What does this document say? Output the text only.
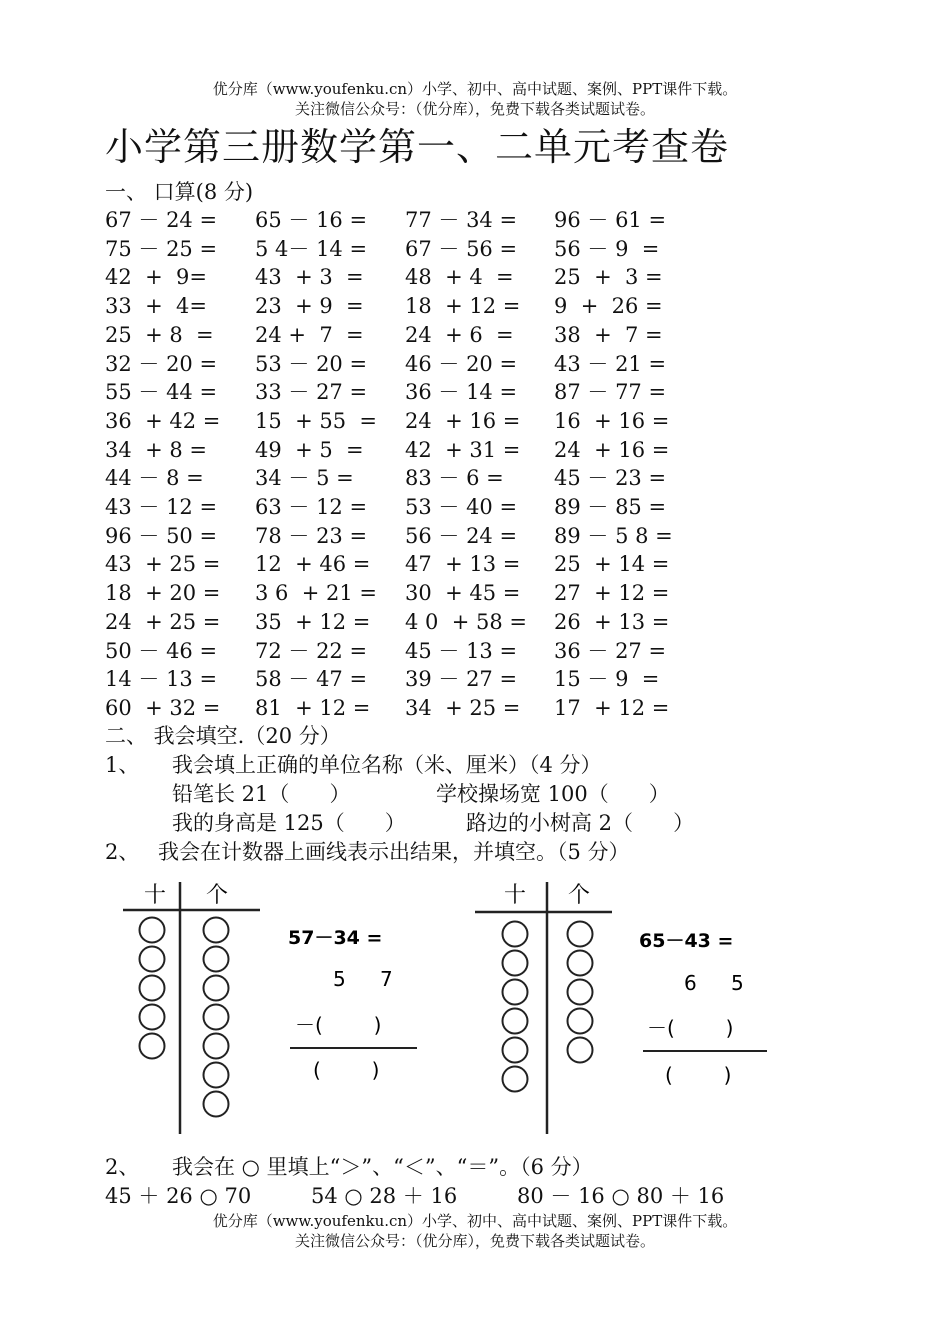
优分库（www.youfenku.cn）小学、初中、高中试题、案例、PPT课件下载。
关注微信公众号：（优分库），免费下载各类试题试卷。
小学第三册数学第一、二单元考查卷
一、 口算(8 分)
67 － 24 = 65 － 16 = 77 － 34 = 96 － 61 =
75 － 25 = 5 4－ 14 = 67 － 56 = 56 － 9  =
42  +  9= 43  + 3  = 48  + 4  = 25  +  3 =
33  +  4= 23  + 9  = 18  + 12 = 9  +  26 =
25  + 8  = 24 +  7  = 24  + 6  = 38  +  7 =
32 － 20 = 53 － 20 = 46 － 20 = 43 － 21 =
55 － 44 = 33 － 27 = 36 － 14 = 87 － 77 =
36  + 42 = 15  + 55  = 24  + 16 = 16  + 16 =
34  + 8 = 49  + 5  = 42  + 31 = 24  + 16 =
44 － 8 = 34 － 5 = 83 － 6 = 45 － 23 =
43 － 12 = 63 － 12 = 53 － 40 = 89 － 85 =
96 － 50 = 78 － 23 = 56 － 24 = 89 － 5 8 =
43  + 25 = 12  + 46 = 47  + 13 = 25  + 14 =
18  + 20 = 3 6  + 21 = 30  + 45 = 27  + 12 =
24  + 25 = 35  + 12 = 4 0  + 58 = 26  + 13 =
50 － 46 = 72 － 22 = 45 － 13 = 36 － 27 =
14 － 13 = 58 － 47 = 39 － 27 = 15 － 9  =
60  + 32 = 81  + 12 = 34  + 25 = 17  + 12 =
二、 我会填空.（20 分）
1、 我会填上正确的单位名称（米、厘米）（4 分）
铅笔长 21（      ）	学校操场宽 100（      ）
我的身高是 125（      ）	路边的小树高 2（      ）
2、 我会在计数器上画线表示出结果，并填空。（5 分）
十 个
57－34 =
5 7
－(        )
(        )
十 个
65－43 =
6 5
－(        )
(        )
2、 我会在 ○ 里填上“＞”、“＜”、“＝”。（6 分）
45 ＋ 26 ○ 70	54 ○ 28 ＋ 16	80 － 16 ○ 80 ＋ 16
优分库（www.youfenku.cn）小学、初中、高中试题、案例、PPT课件下载。
关注微信公众号：（优分库），免费下载各类试题试卷。
